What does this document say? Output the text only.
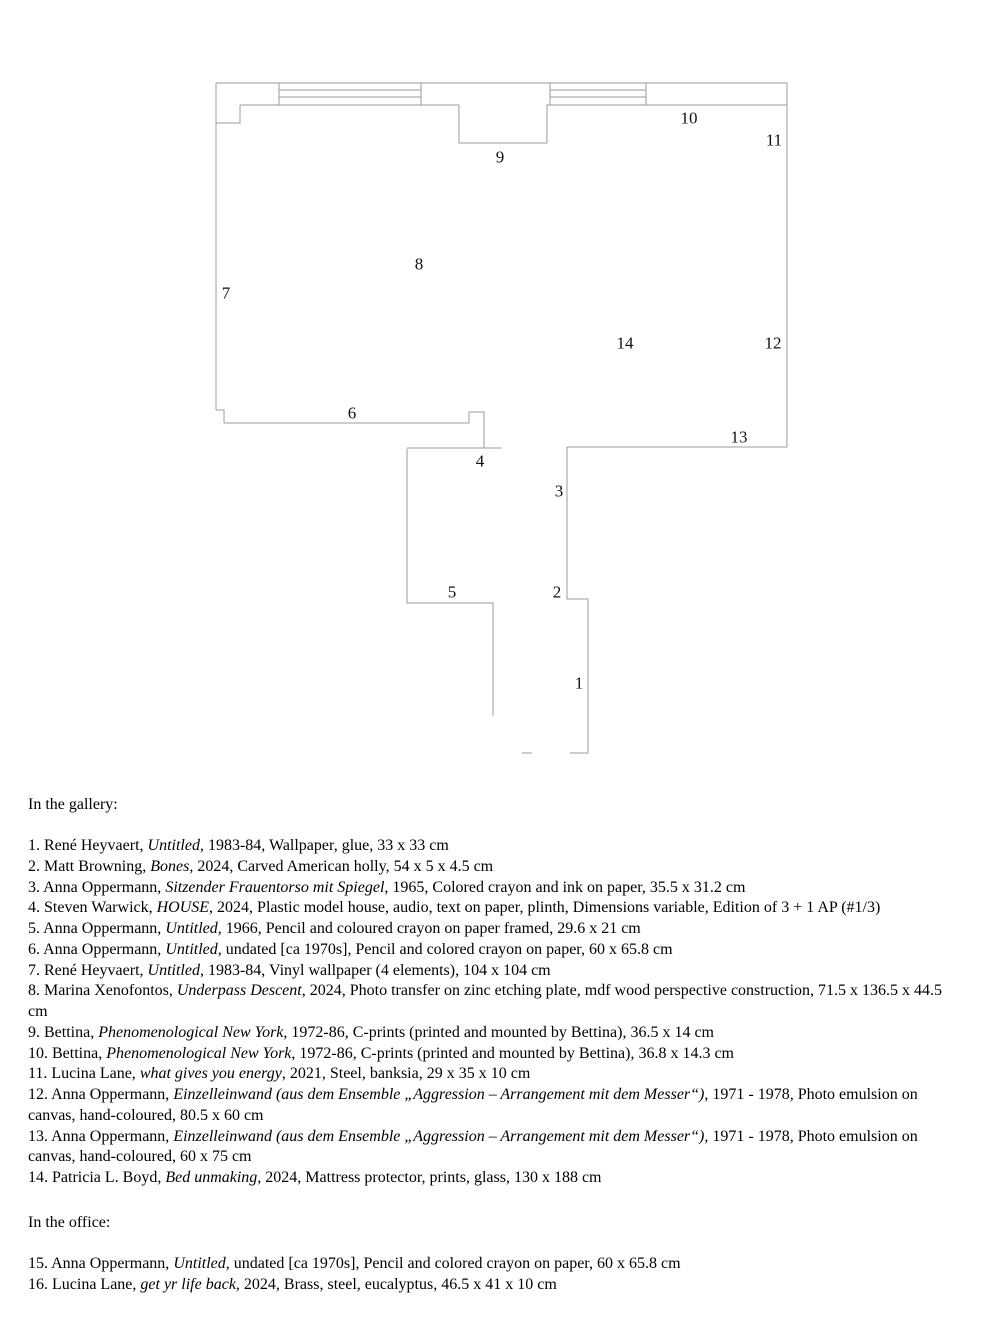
1
2
3
4
5
6
7
8
9
10
11
12
13
14
In the gallery:
1. René Heyvaert, Untitled, 1983-84, Wallpaper, glue, 33 x 33 cm
2. Matt Browning, Bones, 2024, Carved American holly, 54 x 5 x 4.5 cm
3. Anna Oppermann, Sitzender Frauentorso mit Spiegel, 1965, Colored crayon and ink on paper, 35.5 x 31.2 cm
4. Steven Warwick, HOUSE, 2024, Plastic model house, audio, text on paper, plinth, Dimensions variable, Edition of 3 + 1 AP (#1/3)
5. Anna Oppermann, Untitled, 1966, Pencil and coloured crayon on paper framed, 29.6 x 21 cm
6. Anna Oppermann, Untitled, undated [ca 1970s], Pencil and colored crayon on paper, 60 x 65.8 cm
7. René Heyvaert, Untitled, 1983-84, Vinyl wallpaper (4 elements), 104 x 104 cm
8. Marina Xenofontos, Underpass Descent, 2024, Photo transfer on zinc etching plate, mdf wood perspective construction, 71.5 x 136.5 x 44.5 cm
9. Bettina, Phenomenological New York, 1972-86, C-prints (printed and mounted by Bettina), 36.5 x 14 cm
10. Bettina, Phenomenological New York, 1972-86, C-prints (printed and mounted by Bettina), 36.8 x 14.3 cm
11. Lucina Lane, what gives you energy, 2021, Steel, banksia, 29 x 35 x 10 cm
12. Anna Oppermann, Einzelleinwand (aus dem Ensemble „Aggression – Arrangement mit dem Messer“), 1971 - 1978, Photo emulsion on canvas, hand-coloured, 80.5 x 60 cm
13. Anna Oppermann, Einzelleinwand (aus dem Ensemble „Aggression – Arrangement mit dem Messer“), 1971 - 1978, Photo emulsion on canvas, hand-coloured, 60 x 75 cm
14. Patricia L. Boyd, Bed unmaking, 2024, Mattress protector, prints, glass, 130 x 188 cm
In the office:
15. Anna Oppermann, Untitled, undated [ca 1970s], Pencil and colored crayon on paper, 60 x 65.8 cm
16. Lucina Lane, get yr life back, 2024, Brass, steel, eucalyptus, 46.5 x 41 x 10 cm
